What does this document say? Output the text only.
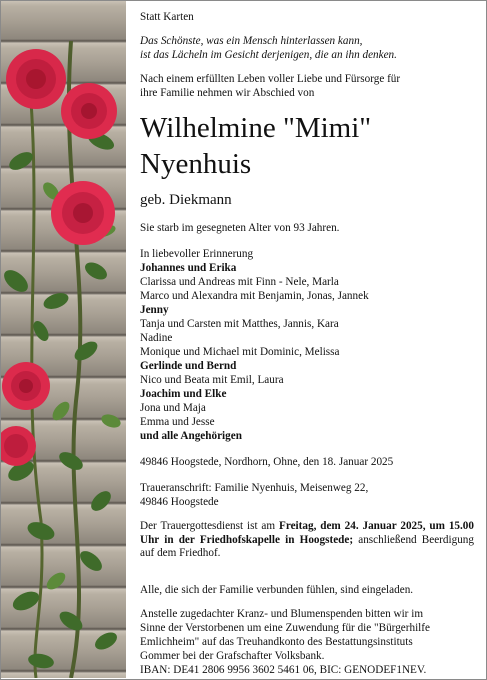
Statt Karten
Das Schönste, was ein Mensch hinterlassen kann,
ist das Lächeln im Gesicht derjenigen, die an ihn denken.
Nach einem erfüllten Leben voller Liebe und Fürsorge für
ihre Familie nehmen wir Abschied von
Wilhelmine "Mimi"
Nyenhuis
geb. Diekmann
Sie starb im gesegneten Alter von 93 Jahren.
In liebevoller Erinnerung
Johannes und Erika
Clarissa und Andreas mit Finn - Nele, Marla
Marco und Alexandra mit Benjamin, Jonas, Jannek
Jenny
Tanja und Carsten mit Matthes, Jannis, Kara
Nadine
Monique und Michael mit Dominic, Melissa
Gerlinde und Bernd
Nico und Beata mit Emil, Laura
Joachim und Elke
Jona und Maja
Emma und Jesse
und alle Angehörigen
49846 Hoogstede, Nordhorn, Ohne, den 18. Januar 2025
Traueranschrift: Familie Nyenhuis, Meisenweg 22,
49846 Hoogstede
Der Trauergottesdienst ist am Freitag, dem 24. Januar 2025, um 15.00 Uhr in der Friedhofskapelle in Hoogstede; anschließend Beerdigung auf dem Friedhof.
Alle, die sich der Familie verbunden fühlen, sind eingeladen.
Anstelle zugedachter Kranz- und Blumenspenden bitten wir im
Sinne der Verstorbenen um eine Zuwendung für die "Bürgerhilfe
Emlichheim" auf das Treuhandkonto des Bestattungsinstituts
Gommer bei der Grafschafter Volksbank.
IBAN: DE41 2806 9956 3602 5461 06, BIC: GENODEF1NEV.
